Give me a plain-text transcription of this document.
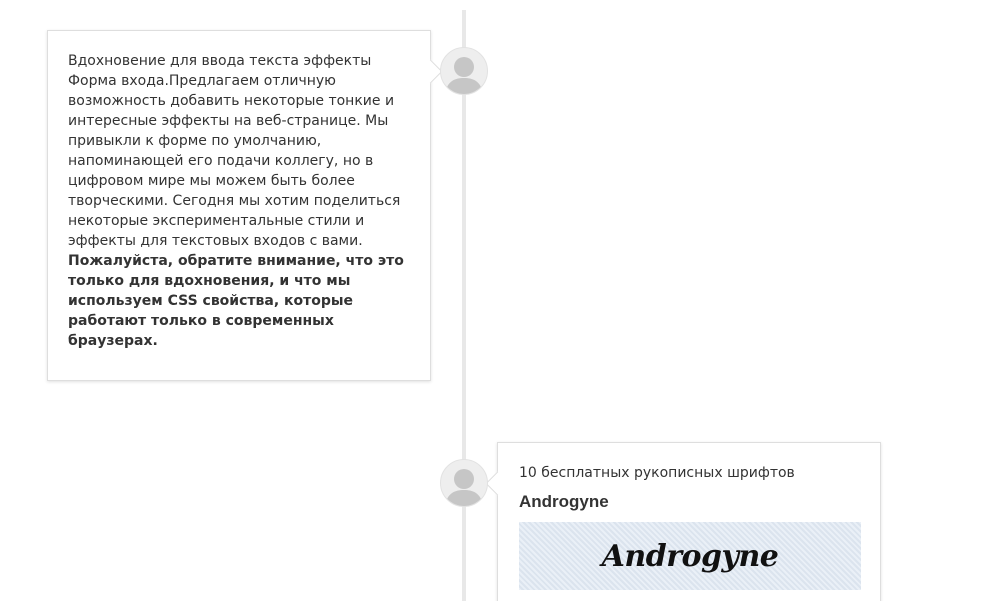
Вдохновение для ввода текста эффекты

Форма входа.Предлагаем отличную возможность добавить некоторые тонкие и интересные эффекты на веб-странице. Мы привыкли к форме по умолчанию, напоминающей его подачи коллегу, но в цифровом мире мы можем быть более творческими. Сегодня мы хотим поделиться некоторые экспериментальные стили и эффекты для текстовых входов с вами. Пожалуйста, обратите внимание, что это только для вдохновения, и что мы используем CSS свойства, которые работают только в современных браузерах.

10 бесплатных рукописных шрифтов

Androgyne
Androgyne
